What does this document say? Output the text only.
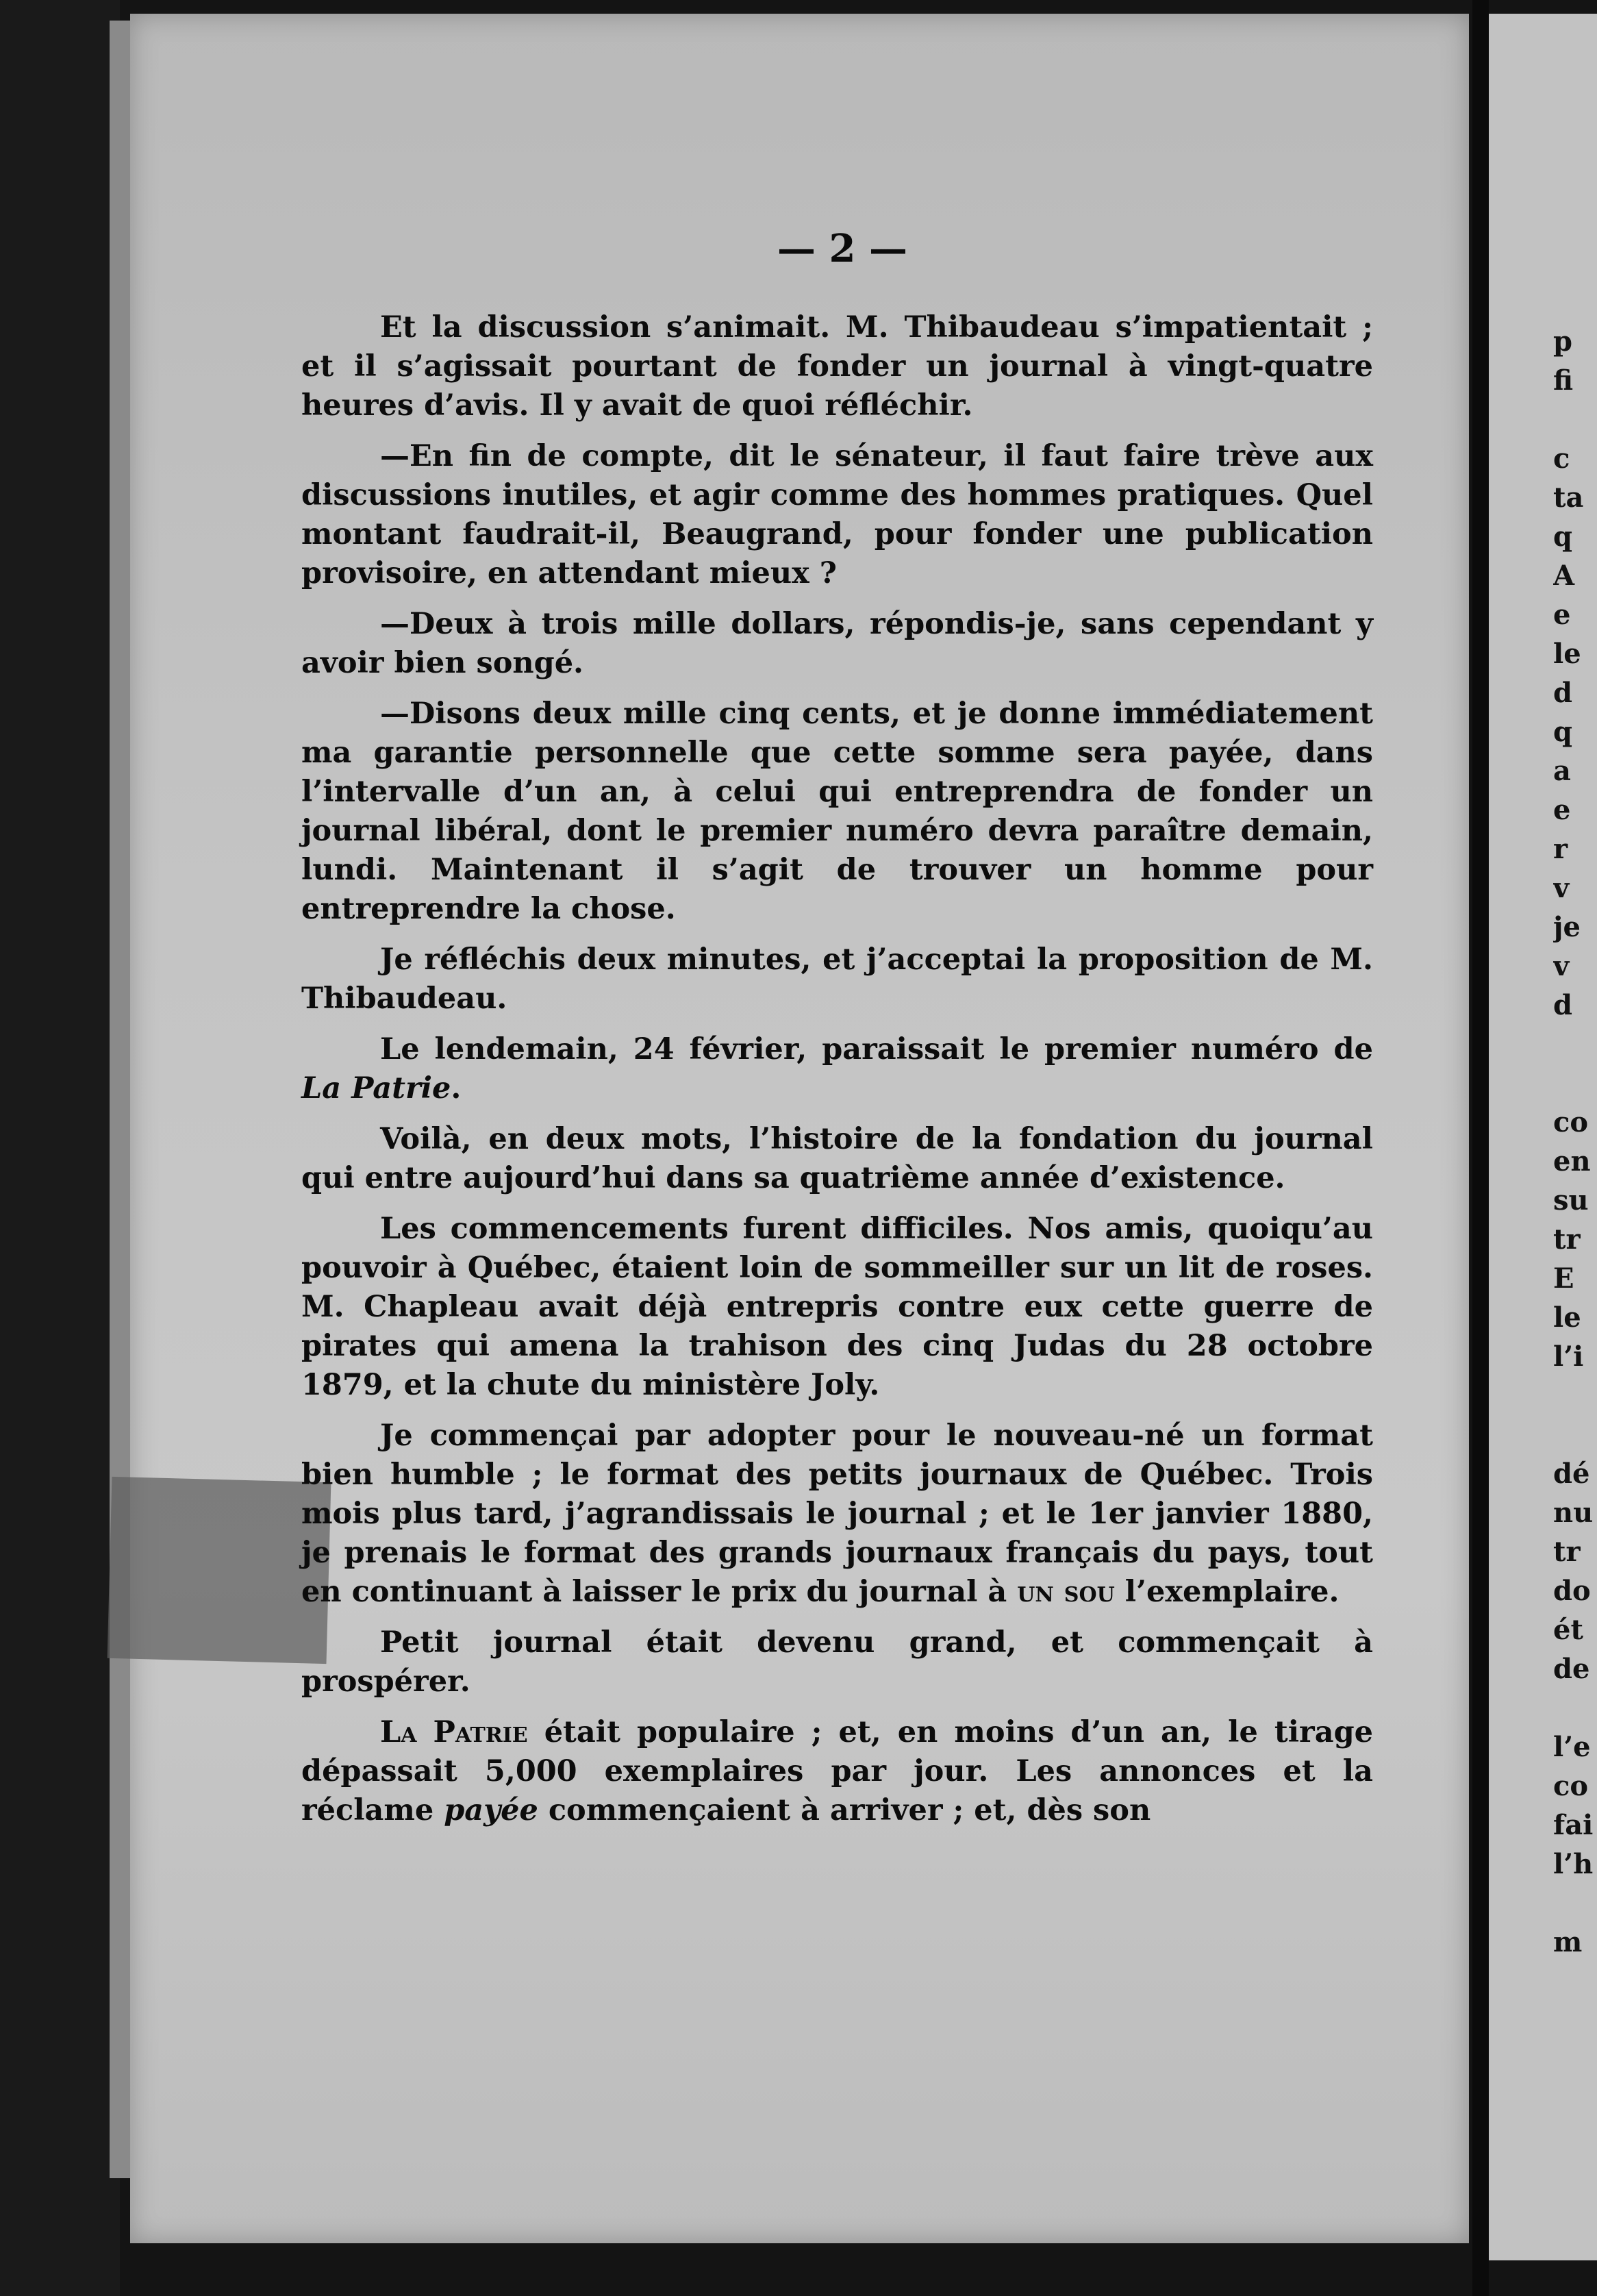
— 2 —

Et la discussion s’animait. M. Thibaudeau s’impatientait ; et il s’agissait pourtant de fonder un journal à vingt-quatre heures d’avis. Il y avait de quoi réfléchir.

—En fin de compte, dit le sénateur, il faut faire trève aux discussions inutiles, et agir comme des hommes pratiques. Quel montant faudrait-il, Beaugrand, pour fonder une publication provisoire, en attendant mieux ?

—Deux à trois mille dollars, répondis-je, sans cependant y avoir bien songé.

—Disons deux mille cinq cents, et je donne immédiatement ma garantie personnelle que cette somme sera payée, dans l’intervalle d’un an, à celui qui entreprendra de fonder un journal libéral, dont le premier numéro devra paraître demain, lundi. Maintenant il s’agit de trouver un homme pour entreprendre la chose.

Je réfléchis deux minutes, et j’acceptai la proposition de M. Thibaudeau.

Le lendemain, 24 février, paraissait le premier numéro de La Patrie.

Voilà, en deux mots, l’histoire de la fondation du journal qui entre aujourd’hui dans sa quatrième année d’existence.

Les commencements furent difficiles. Nos amis, quoiqu’au pouvoir à Québec, étaient loin de sommeiller sur un lit de roses. M. Chapleau avait déjà entrepris contre eux cette guerre de pirates qui amena la trahison des cinq Judas du 28 octobre 1879, et la chute du ministère Joly.

Je commençai par adopter pour le nouveau-né un format bien humble ; le format des petits journaux de Québec. Trois mois plus tard, j’agrandissais le journal ; et le 1er janvier 1880, je prenais le format des grands journaux français du pays, tout en continuant à laisser le prix du journal à un sou l’exemplaire.

Petit journal était devenu grand, et commençait à prospérer.

La Patrie était populaire ; et, en moins d’un an, le tirage dépassait 5,000 exemplaires par jour. Les annonces et la réclame payée commençaient à arriver ; et, dès son

p
fi
c
ta
q
A
e
le
d
q
a
e
r
v
je
v
d
co
en
su
tr
E
le
l’i
dé
nu
tr
do
ét
de
l’e
co
fai
l’h
m
